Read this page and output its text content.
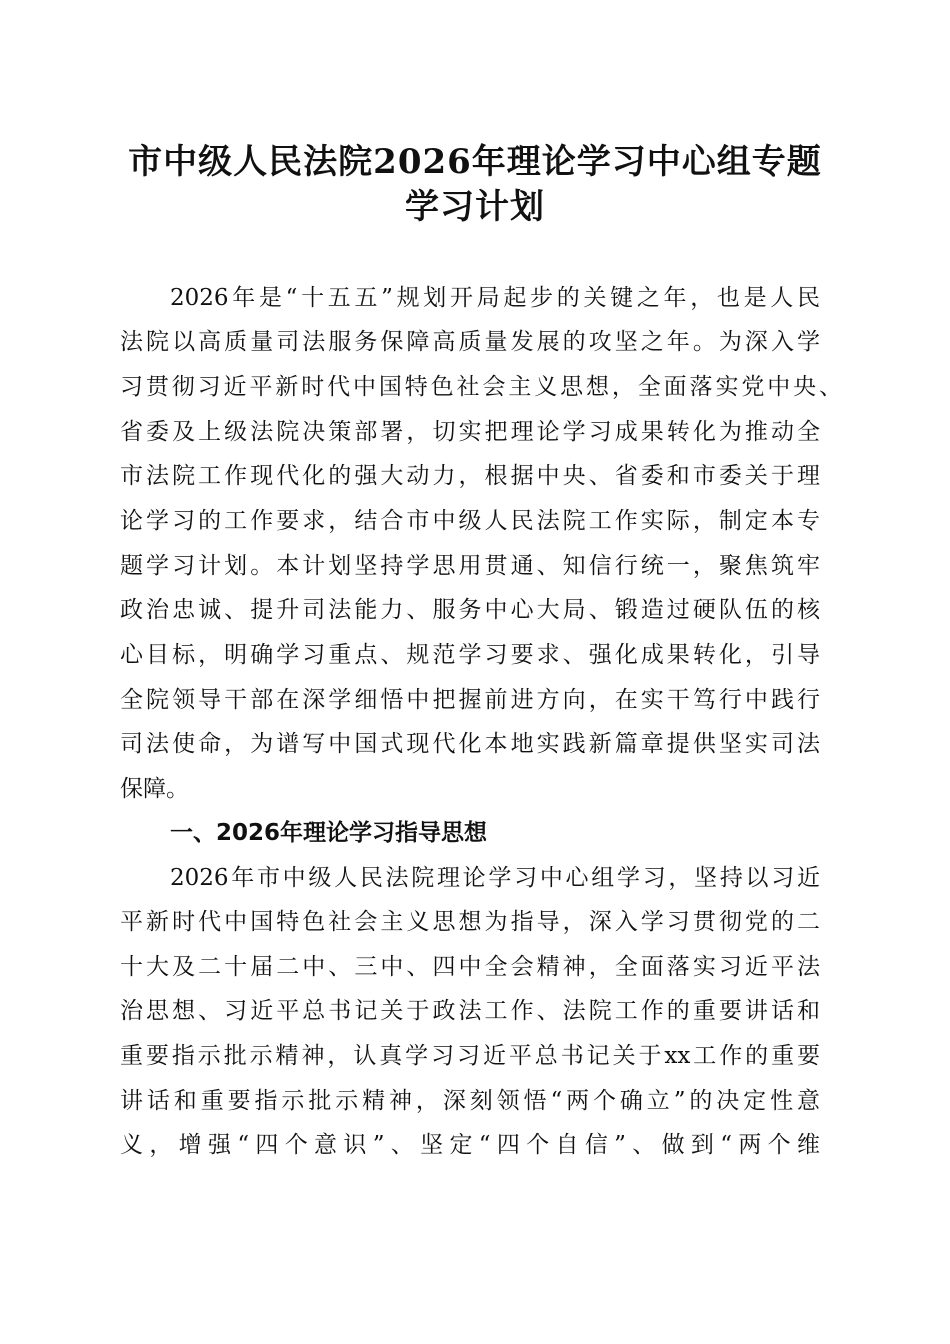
市中级人民法院2026年理论学习中心组专题
学习计划
2026年是“十五五”规划开局起步的关键之年，也是人民
法院以高质量司法服务保障高质量发展的攻坚之年。为深入学
习贯彻习近平新时代中国特色社会主义思想，全面落实党中央、
省委及上级法院决策部署，切实把理论学习成果转化为推动全
市法院工作现代化的强大动力，根据中央、省委和市委关于理
论学习的工作要求，结合市中级人民法院工作实际，制定本专
题学习计划。本计划坚持学思用贯通、知信行统一，聚焦筑牢
政治忠诚、提升司法能力、服务中心大局、锻造过硬队伍的核
心目标，明确学习重点、规范学习要求、强化成果转化，引导
全院领导干部在深学细悟中把握前进方向，在实干笃行中践行
司法使命，为谱写中国式现代化本地实践新篇章提供坚实司法
保障。
一、2026年理论学习指导思想
2026年市中级人民法院理论学习中心组学习，坚持以习近
平新时代中国特色社会主义思想为指导，深入学习贯彻党的二
十大及二十届二中、三中、四中全会精神，全面落实习近平法
治思想、习近平总书记关于政法工作、法院工作的重要讲话和
重要指示批示精神，认真学习习近平总书记关于xx工作的重要
讲话和重要指示批示精神，深刻领悟“两个确立”的决定性意
义，增强“四个意识”、坚定“四个自信”、做到“两个维
